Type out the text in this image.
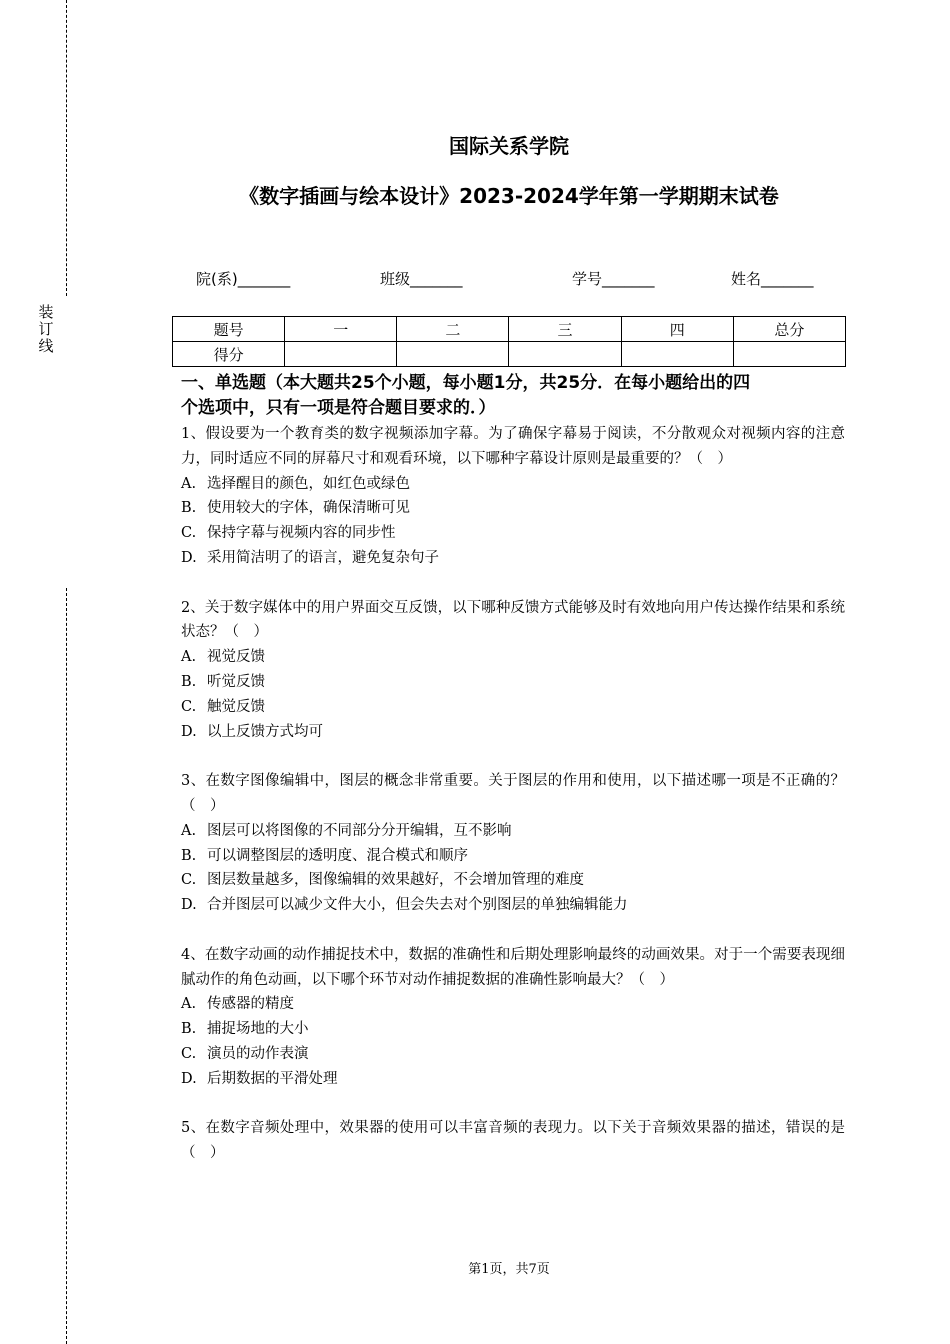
装
订
线
国际关系学院
《数字插画与绘本设计》2023-2024学年第一学期期末试卷
院(系)_______	班级_______	学号_______	姓名_______
题号	一	二	三	四	总分
得分					
一、单选题（本大题共25个小题，每小题1分，共25分．在每小题给出的四
个选项中，只有一项是符合题目要求的．）
1、假设要为一个教育类的数字视频添加字幕。为了确保字幕易于阅读，不分散观众对视频内容的注意力，同时适应不同的屏幕尺寸和观看环境，以下哪种字幕设计原则是最重要的？（　）
A. 选择醒目的颜色，如红色或绿色
B. 使用较大的字体，确保清晰可见
C. 保持字幕与视频内容的同步性
D. 采用简洁明了的语言，避免复杂句子
2、关于数字媒体中的用户界面交互反馈，以下哪种反馈方式能够及时有效地向用户传达操作结果和系统状态？（　）
A. 视觉反馈
B. 听觉反馈
C. 触觉反馈
D. 以上反馈方式均可
3、在数字图像编辑中，图层的概念非常重要。关于图层的作用和使用，以下描述哪一项是不正确的？（　）
A. 图层可以将图像的不同部分分开编辑，互不影响
B. 可以调整图层的透明度、混合模式和顺序
C. 图层数量越多，图像编辑的效果越好，不会增加管理的难度
D. 合并图层可以减少文件大小，但会失去对个别图层的单独编辑能力
4、在数字动画的动作捕捉技术中，数据的准确性和后期处理影响最终的动画效果。对于一个需要表现细腻动作的角色动画，以下哪个环节对动作捕捉数据的准确性影响最大？（　）
A. 传感器的精度
B. 捕捉场地的大小
C. 演员的动作表演
D. 后期数据的平滑处理
5、在数字音频处理中，效果器的使用可以丰富音频的表现力。以下关于音频效果器的描述，错误的是（　）
第1页，共7页
